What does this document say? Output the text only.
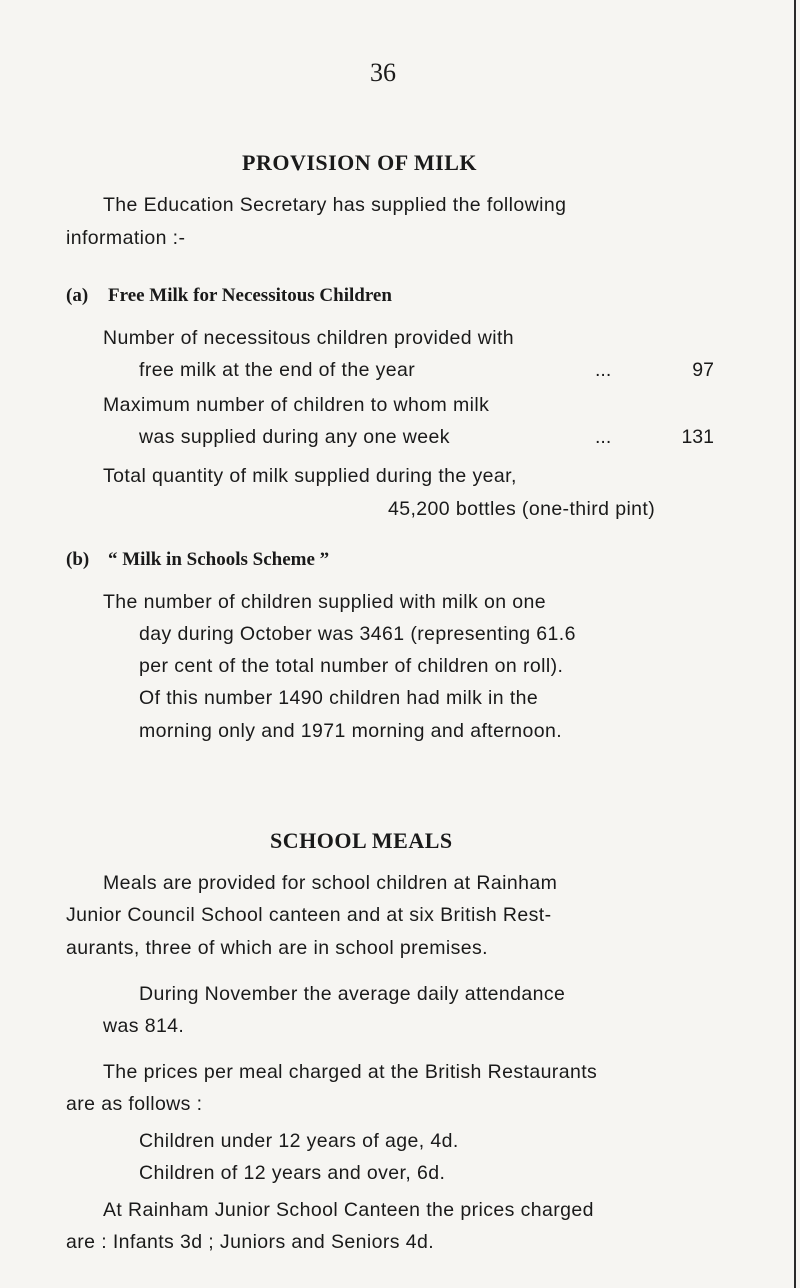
36
PROVISION OF MILK
The Education Secretary has supplied the following
information :-
(a) Free Milk for Necessitous Children
Number of necessitous children provided with
free milk at the end of the year	...	97
Maximum number of children to whom milk
was supplied during any one week	...	131
Total quantity of milk supplied during the year,
45,200 bottles (one-third pint)
(b) “ Milk in Schools Scheme ”
The number of children supplied with milk on one
day during October was 3461 (representing 61.6
per cent of the total number of children on roll).
Of this number 1490 children had milk in the
morning only and 1971 morning and afternoon.
SCHOOL MEALS
Meals are provided for school children at Rainham
Junior Council School canteen and at six British Rest-
aurants, three of which are in school premises.
During November the average daily attendance
was 814.
The prices per meal charged at the British Restaurants
are as follows :
Children under 12 years of age, 4d.
Children of 12 years and over, 6d.
At Rainham Junior School Canteen the prices charged
are : Infants 3d ; Juniors and Seniors 4d.
